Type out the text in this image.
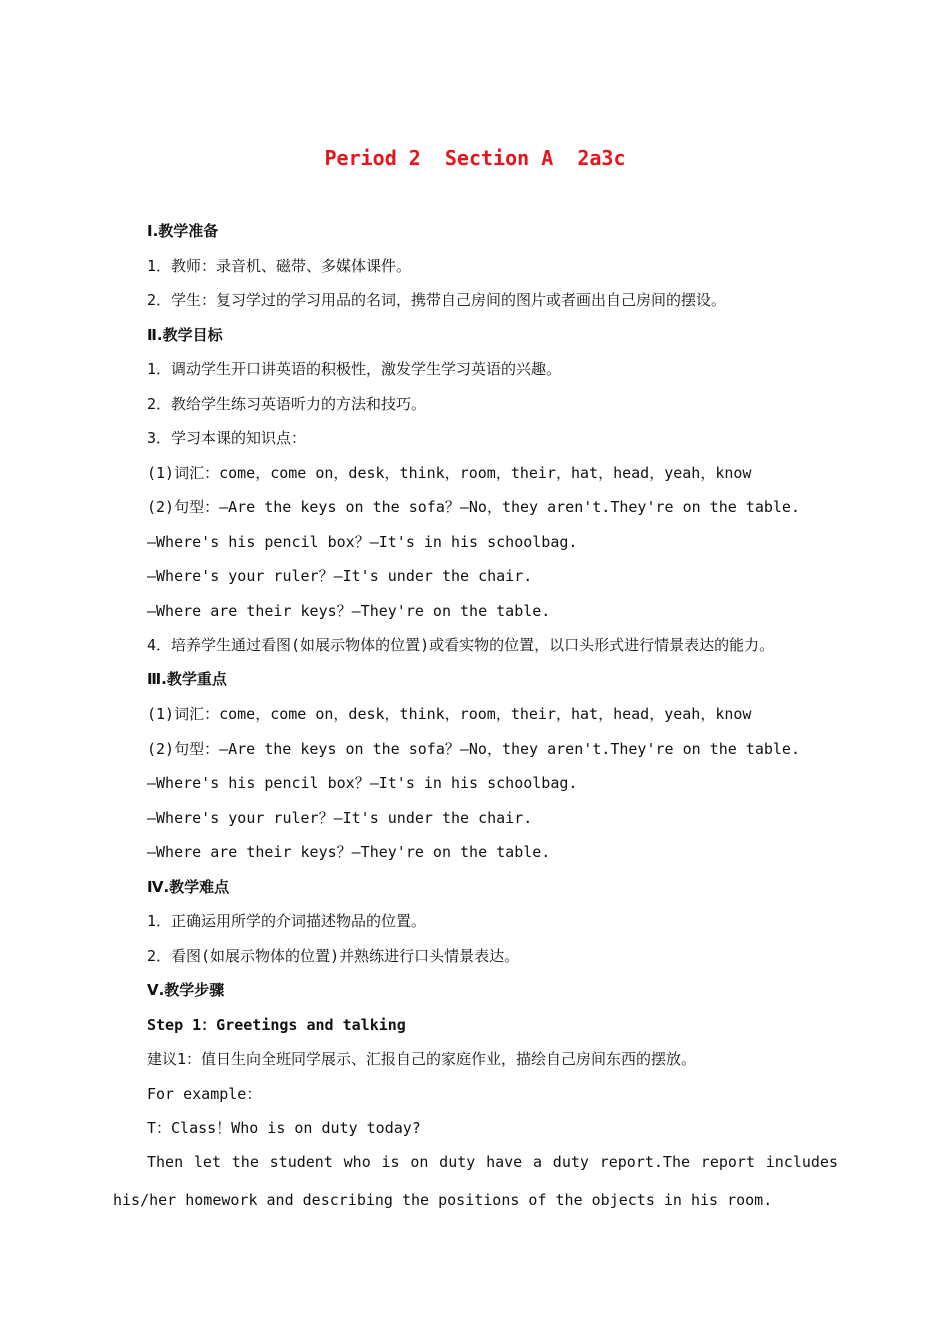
Period 2  Section A  2a3c

Ⅰ.教学准备

1．教师：录音机、磁带、多媒体课件。

2．学生：复习学过的学习用品的名词，携带自己房间的图片或者画出自己房间的摆设。

Ⅱ.教学目标

1．调动学生开口讲英语的积极性，激发学生学习英语的兴趣。

2．教给学生练习英语听力的方法和技巧。

3．学习本课的知识点：

(1)词汇：come，come on，desk，think，room，their，hat，head，yeah，know

(2)句型：—Are the keys on the sofa？—No，they aren't.They're on the table.

—Where's his pencil box？—It's in his schoolbag.

—Where's your ruler？—It's under the chair.

—Where are their keys？—They're on the table.

4．培养学生通过看图(如展示物体的位置)或看实物的位置，以口头形式进行情景表达的能力。

Ⅲ.教学重点

(1)词汇：come，come on，desk，think，room，their，hat，head，yeah，know

(2)句型：—Are the keys on the sofa？—No，they aren't.They're on the table.

—Where's his pencil box？—It's in his schoolbag.

—Where's your ruler？—It's under the chair.

—Where are their keys？—They're on the table.

Ⅳ.教学难点

1．正确运用所学的介词描述物品的位置。

2．看图(如展示物体的位置)并熟练进行口头情景表达。

Ⅴ.教学步骤

Step 1：Greetings and talking

建议1：值日生向全班同学展示、汇报自己的家庭作业，描绘自己房间东西的摆放。

For example：

T：Class！Who is on duty today?

Then let the student who is on duty have a duty report.The report includes his/her homework and describing the positions of the objects in his room.
